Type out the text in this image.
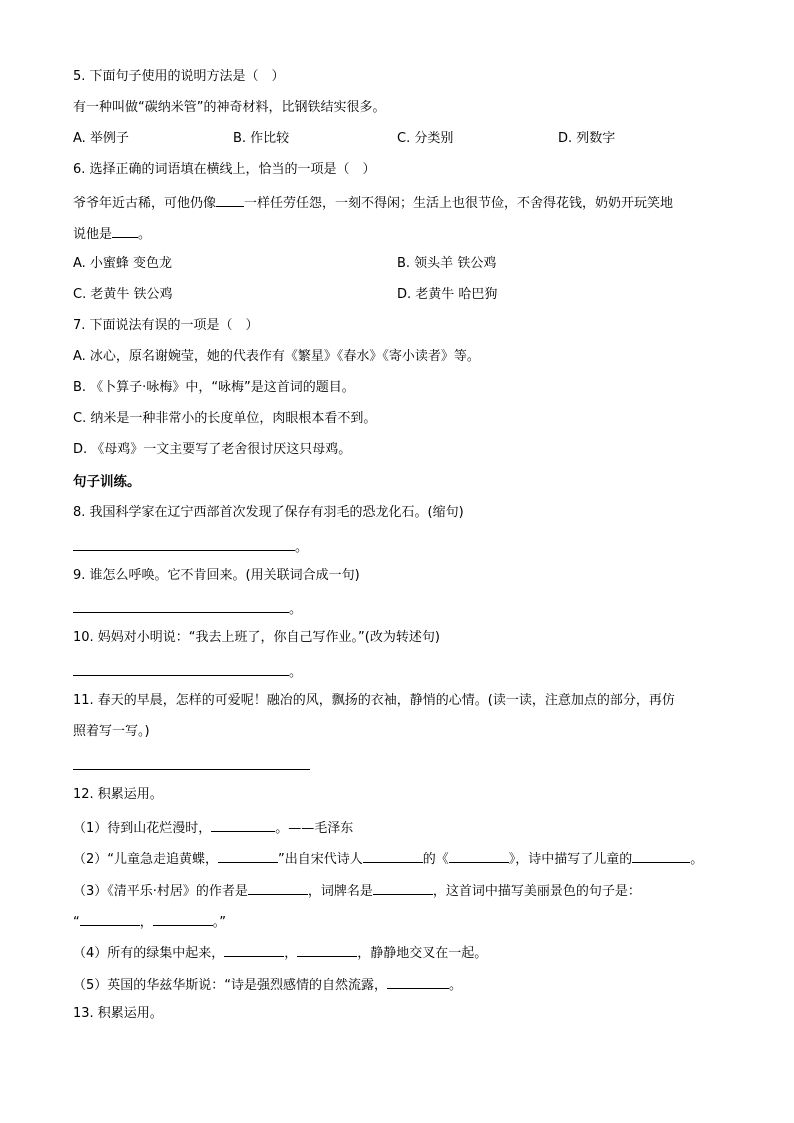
5. 下面句子使用的说明方法是（　）
有一种叫做“碳纳米管”的神奇材料，比钢铁结实很多。
A. 举例子	B. 作比较	C. 分类别	D. 列数字
6. 选择正确的词语填在横线上，恰当的一项是（　）
爷爷年近古稀，可他仍像 一样任劳任怨，一刻不得闲；生活上也很节俭，不舍得花钱，奶奶开玩笑地
说他是 。
A. 小蜜蜂 变色龙	B. 领头羊 铁公鸡
C. 老黄牛 铁公鸡	D. 老黄牛 哈巴狗
7. 下面说法有误的一项是（　）
A. 冰心，原名谢婉莹，她的代表作有《繁星》《春水》《寄小读者》等。
B. 《卜算子·咏梅》中，“咏梅”是这首词的题目。
C. 纳米是一种非常小的长度单位，肉眼根本看不到。
D. 《母鸡》一文主要写了老舍很讨厌这只母鸡。
句子训练。
8. 我国科学家在辽宁西部首次发现了保存有羽毛的恐龙化石。(缩句)
。
9. 谁怎么呼唤。它不肯回来。(用关联词合成一句)
。
10. 妈妈对小明说：“我去上班了，你自己写作业。”(改为转述句)
。
11. 春天的早晨，怎样的可爱呢！融冶的风，飘扬的衣袖，静悄的心情。(读一读，注意加点的部分，再仿
照着写一写。)
12. 积累运用。
（1）待到山花烂漫时，	。——毛泽东
（2）“儿童急走追黄蝶，	”出自宋代诗人	的《	》，诗中描写了儿童的	。
（3）《清平乐·村居》的作者是	，词牌名是	，这首词中描写美丽景色的句子是：
“	，	。”
（4）所有的绿集中起来，	，	，静静地交叉在一起。
（5）英国的华兹华斯说：“诗是强烈感情的自然流露，	。
13. 积累运用。
